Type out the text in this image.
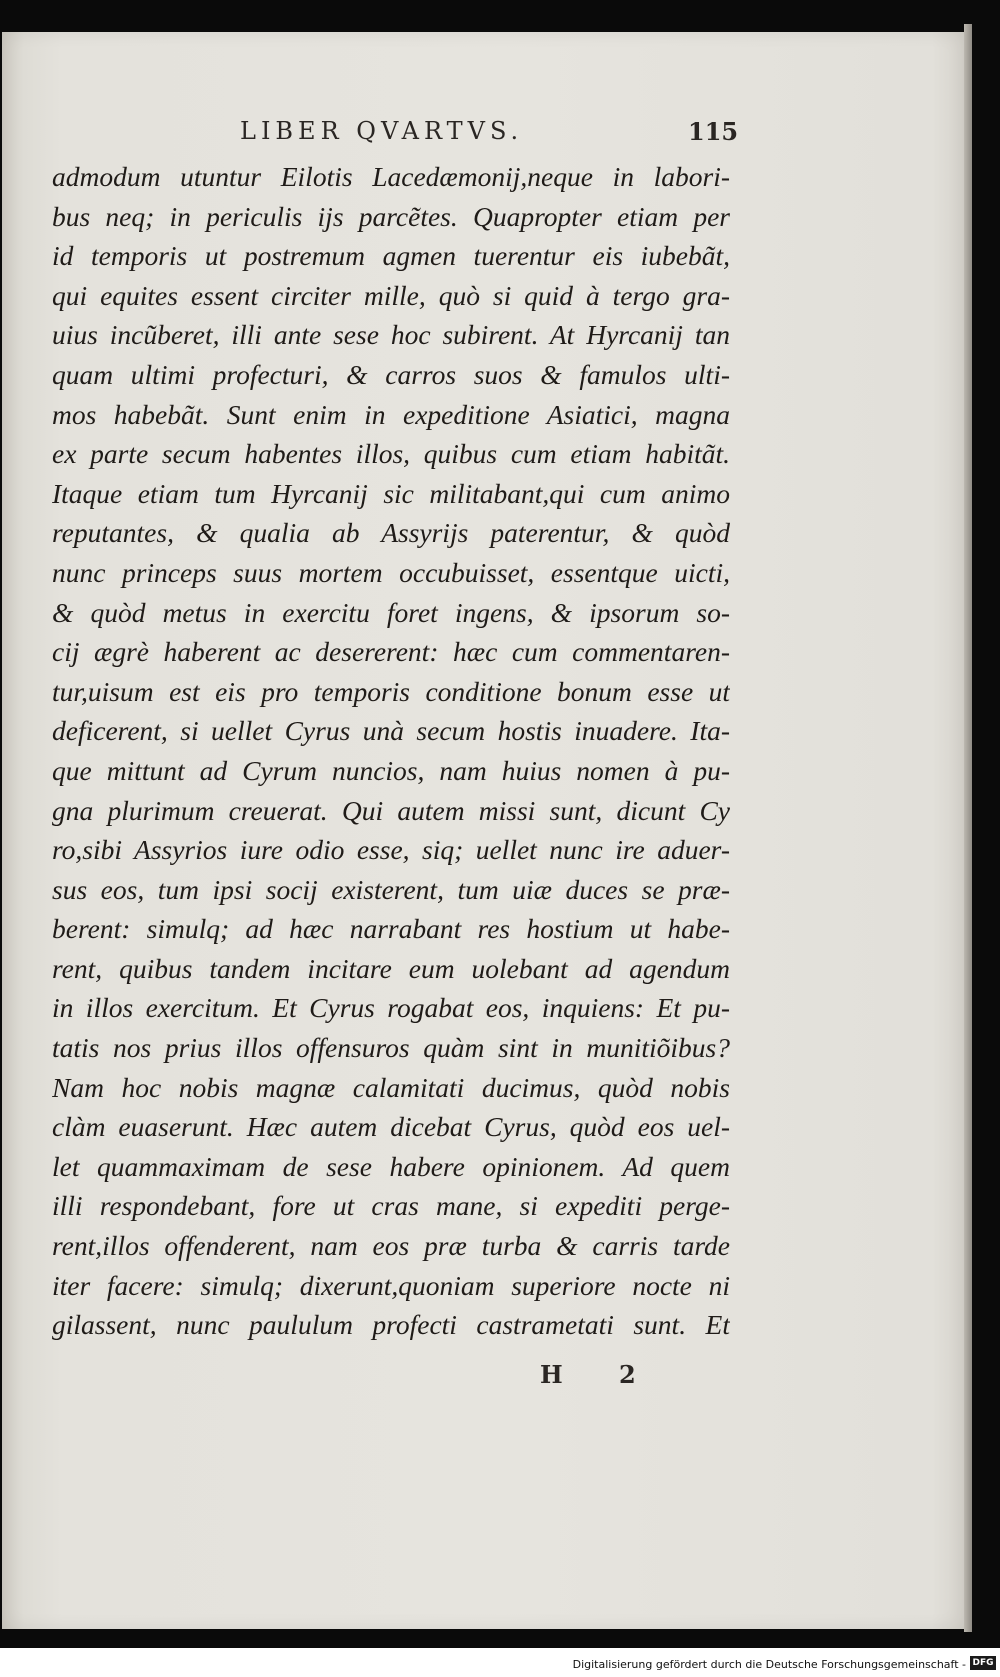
LIBER QVARTVS.	115
admodum utuntur Eilotis Lacedæmonij,neque in labori-
bus neq; in periculis ijs parcẽtes. Quapropter etiam per
id temporis ut postremum agmen tuerentur eis iubebãt,
qui equites essent circiter mille, quò si quid à tergo gra-
uius incũberet, illi ante sese hoc subirent. At Hyrcanij tan
quam ultimi profecturi, & carros suos & famulos ulti-
mos habebãt. Sunt enim in expeditione Asiatici, magna
ex parte secum habentes illos, quibus cum etiam habitãt.
Itaque etiam tum Hyrcanij sic militabant,qui cum animo
reputantes, & qualia ab Assyrijs paterentur, & quòd
nunc princeps suus mortem occubuisset, essentque uicti,
& quòd metus in exercitu foret ingens, & ipsorum so-
cij ægrè haberent ac desererent: hæc cum commentaren-
tur,uisum est eis pro temporis conditione bonum esse ut
deficerent, si uellet Cyrus unà secum hostis inuadere. Ita-
que mittunt ad Cyrum nuncios, nam huius nomen à pu-
gna plurimum creuerat. Qui autem missi sunt, dicunt Cy
ro,sibi Assyrios iure odio esse, siq; uellet nunc ire aduer-
sus eos, tum ipsi socij existerent, tum uiæ duces se præ-
berent: simulq; ad hæc narrabant res hostium ut habe-
rent, quibus tandem incitare eum uolebant ad agendum
in illos exercitum. Et Cyrus rogabat eos, inquiens: Et pu-
tatis nos prius illos offensuros quàm sint in munitiõibus?
Nam hoc nobis magnæ calamitati ducimus, quòd nobis
clàm euaserunt. Hæc autem dicebat Cyrus, quòd eos uel-
let quammaximam de sese habere opinionem. Ad quem
illi respondebant, fore ut cras mane, si expediti perge-
rent,illos offenderent, nam eos præ turba & carris tarde
iter facere: simulq; dixerunt,quoniam superiore nocte ni
gilassent, nunc paululum profecti castrametati sunt. Et
H 2
Digitalisierung gefördert durch die Deutsche Forschungsgemeinschaft - DFG
